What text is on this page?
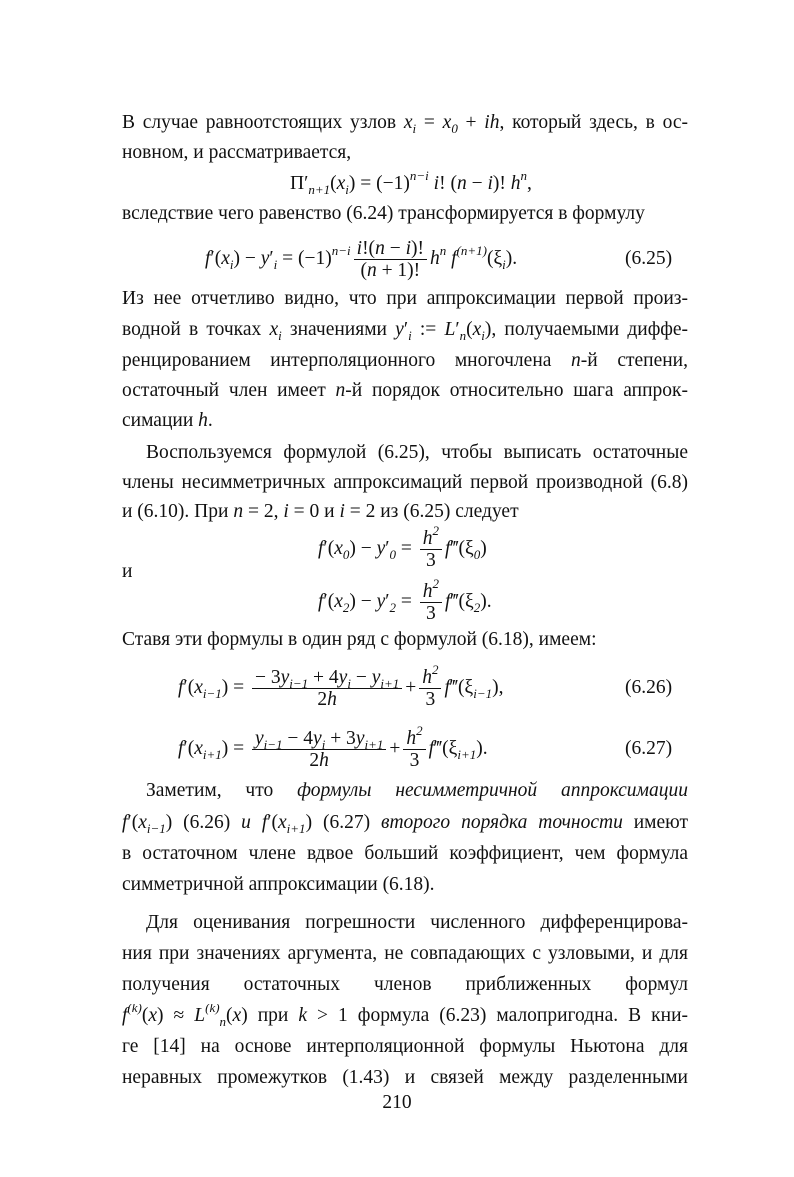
В случае равноотстоящих узлов $x_i = x_0$ + ih, который здесь, в ос-
новном, и рассматривается,
$\Pi'_{n+1}(x_i) = (-1)^{n-i}$ i! (n − i)! $h^n$,
вследствие чего равенство (6.24) трансформируется в формулу
$f'(x_i) - y'_i = (-1)^{n-i} \frac{i!(n - i)!}{(n + 1)!} h^n$ $f^{(n+1)}(\xi_i)$.	(6.25)
Из нее отчетливо видно, что при аппроксимации первой произ-
водной в точках $x_i$ значениями $y'_i$ := $L'_n(x_i)$, получаемыми диффе-
ренцированием интерполяционного многочлена n-й степени,
остаточный член имеет n-й порядок относительно шага аппрок-
симации h.
Воспользуемся формулой (6.25), чтобы выписать остаточные
члены несимметричных аппроксимаций первой производной (6.8)
и (6.10). При n = 2, i = 0 и i = 2 из (6.25) следует
$f'(x_0) - y'_0 = \frac{h^2}{3}$ $f‴(\xi_0)$
и
$f'(x_2) - y'_2 = \frac{h^2}{3}$ $f‴(\xi_2)$.
Ставя эти формулы в один ряд с формулой (6.18), имеем:
$f'(x_{i-1}) = \frac{- 3y_{i-1} + 4y_i - y_{i+1}}{2h} + \frac{h^2}{3}$ $f‴(\xi_{i-1})$,	(6.26)
$f'(x_{i+1}) = \frac{y_{i-1} - 4y_i + 3y_{i+1}}{2h} + \frac{h^2}{3}$ $f‴(\xi_{i+1})$.	(6.27)
Заметим, что формулы несимметричной аппроксимации
$f'(x_{i-1})$ (6.26) и $f'(x_{i+1})$ (6.27) второго порядка точности имеют
в остаточном члене вдвое больший коэффициент, чем формула
симметричной аппроксимации (6.18).
Для оценивания погрешности численного дифференцирова-
ния при значениях аргумента, не совпадающих с узловыми, и для
получения остаточных членов приближенных формул
$f^{(k)}(x) \approx L^{(k)}_n(x)$ при k > 1 формула (6.23) малопригодна. В кни-
ге [14] на основе интерполяционной формулы Ньютона для
неравных промежутков (1.43) и связей между разделенными
210
